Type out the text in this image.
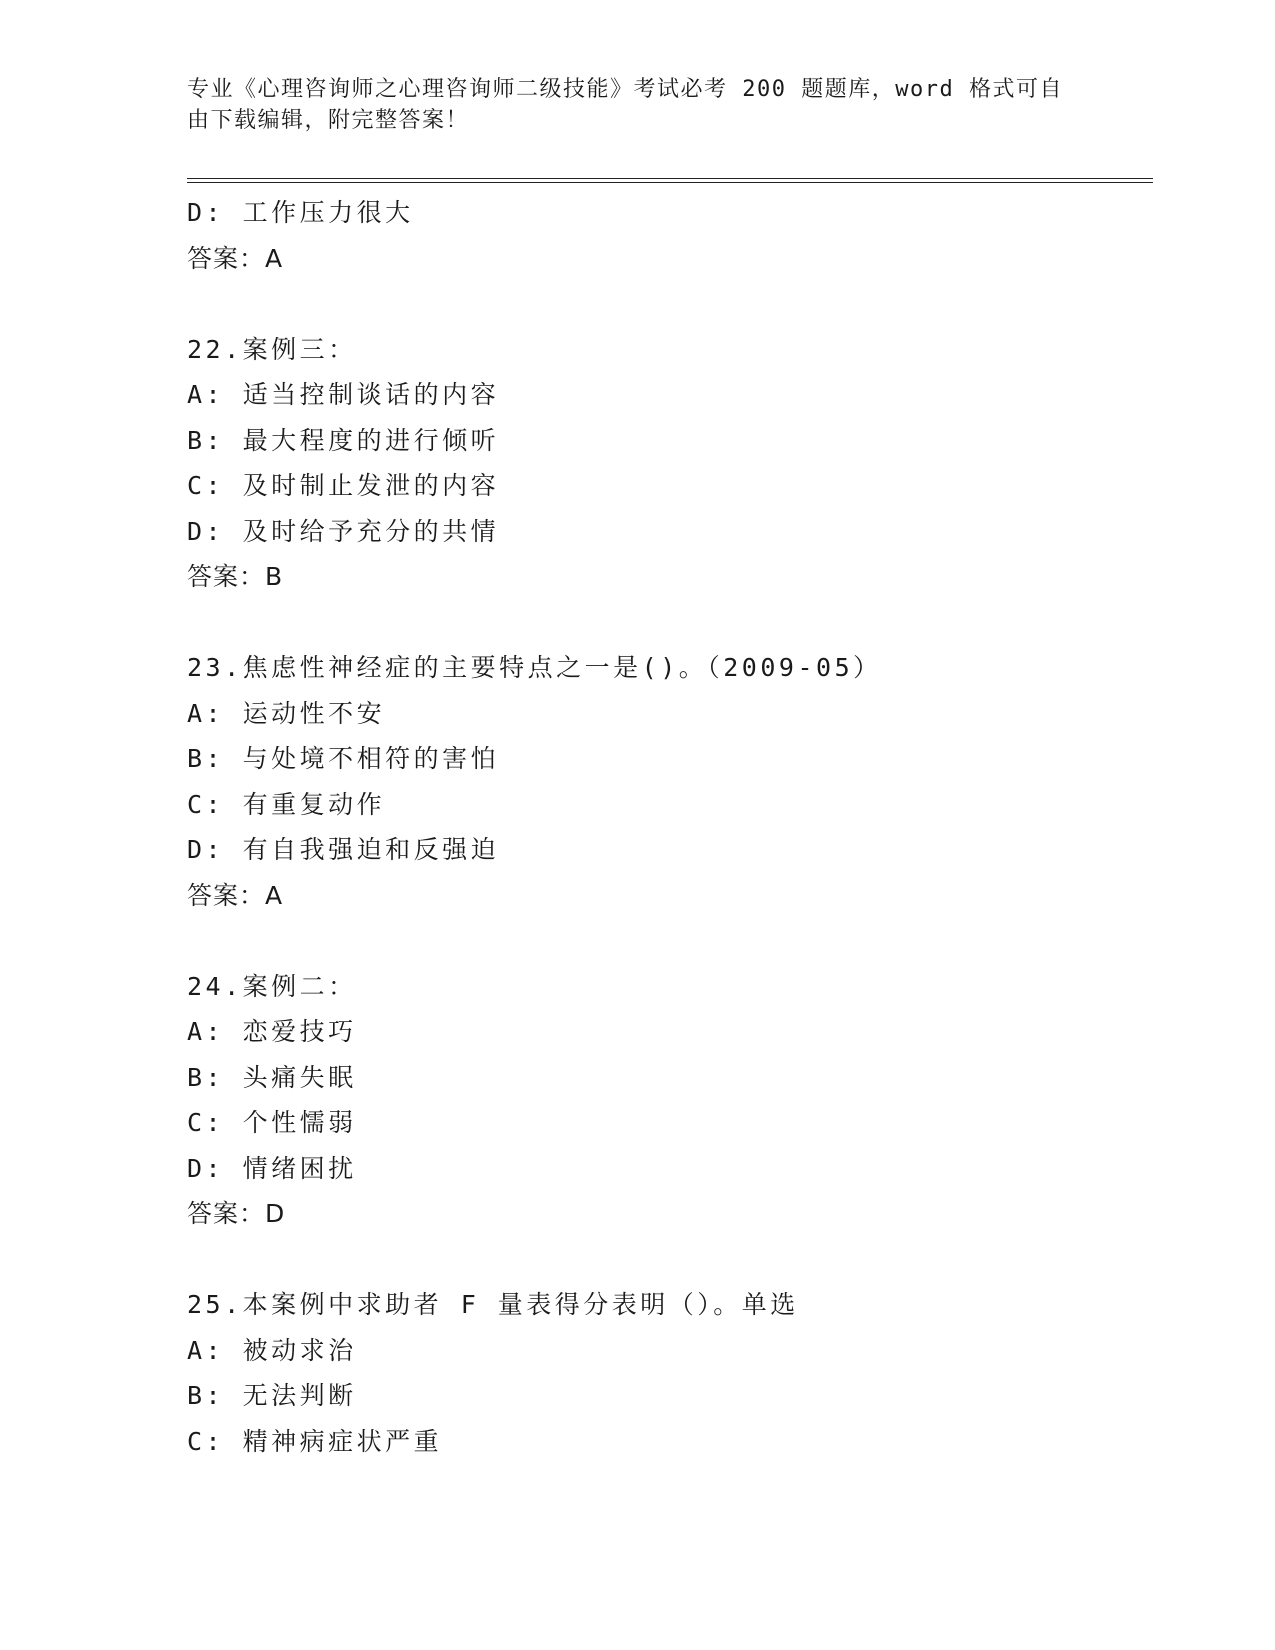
专业《心理咨询师之心理咨询师二级技能》考试必考 200 题题库，word 格式可自
由下载编辑，附完整答案！
D: 工作压力很大
答案：A
22.案例三：
A: 适当控制谈话的内容
B: 最大程度的进行倾听
C: 及时制止发泄的内容
D: 及时给予充分的共情
答案：B
23.焦虑性神经症的主要特点之一是()。（2009-05）
A: 运动性不安
B: 与处境不相符的害怕
C: 有重复动作
D: 有自我强迫和反强迫
答案：A
24.案例二：
A: 恋爱技巧
B: 头痛失眠
C: 个性懦弱
D: 情绪困扰
答案：D
25.本案例中求助者 F 量表得分表明（）。单选
A: 被动求治
B: 无法判断
C: 精神病症状严重
